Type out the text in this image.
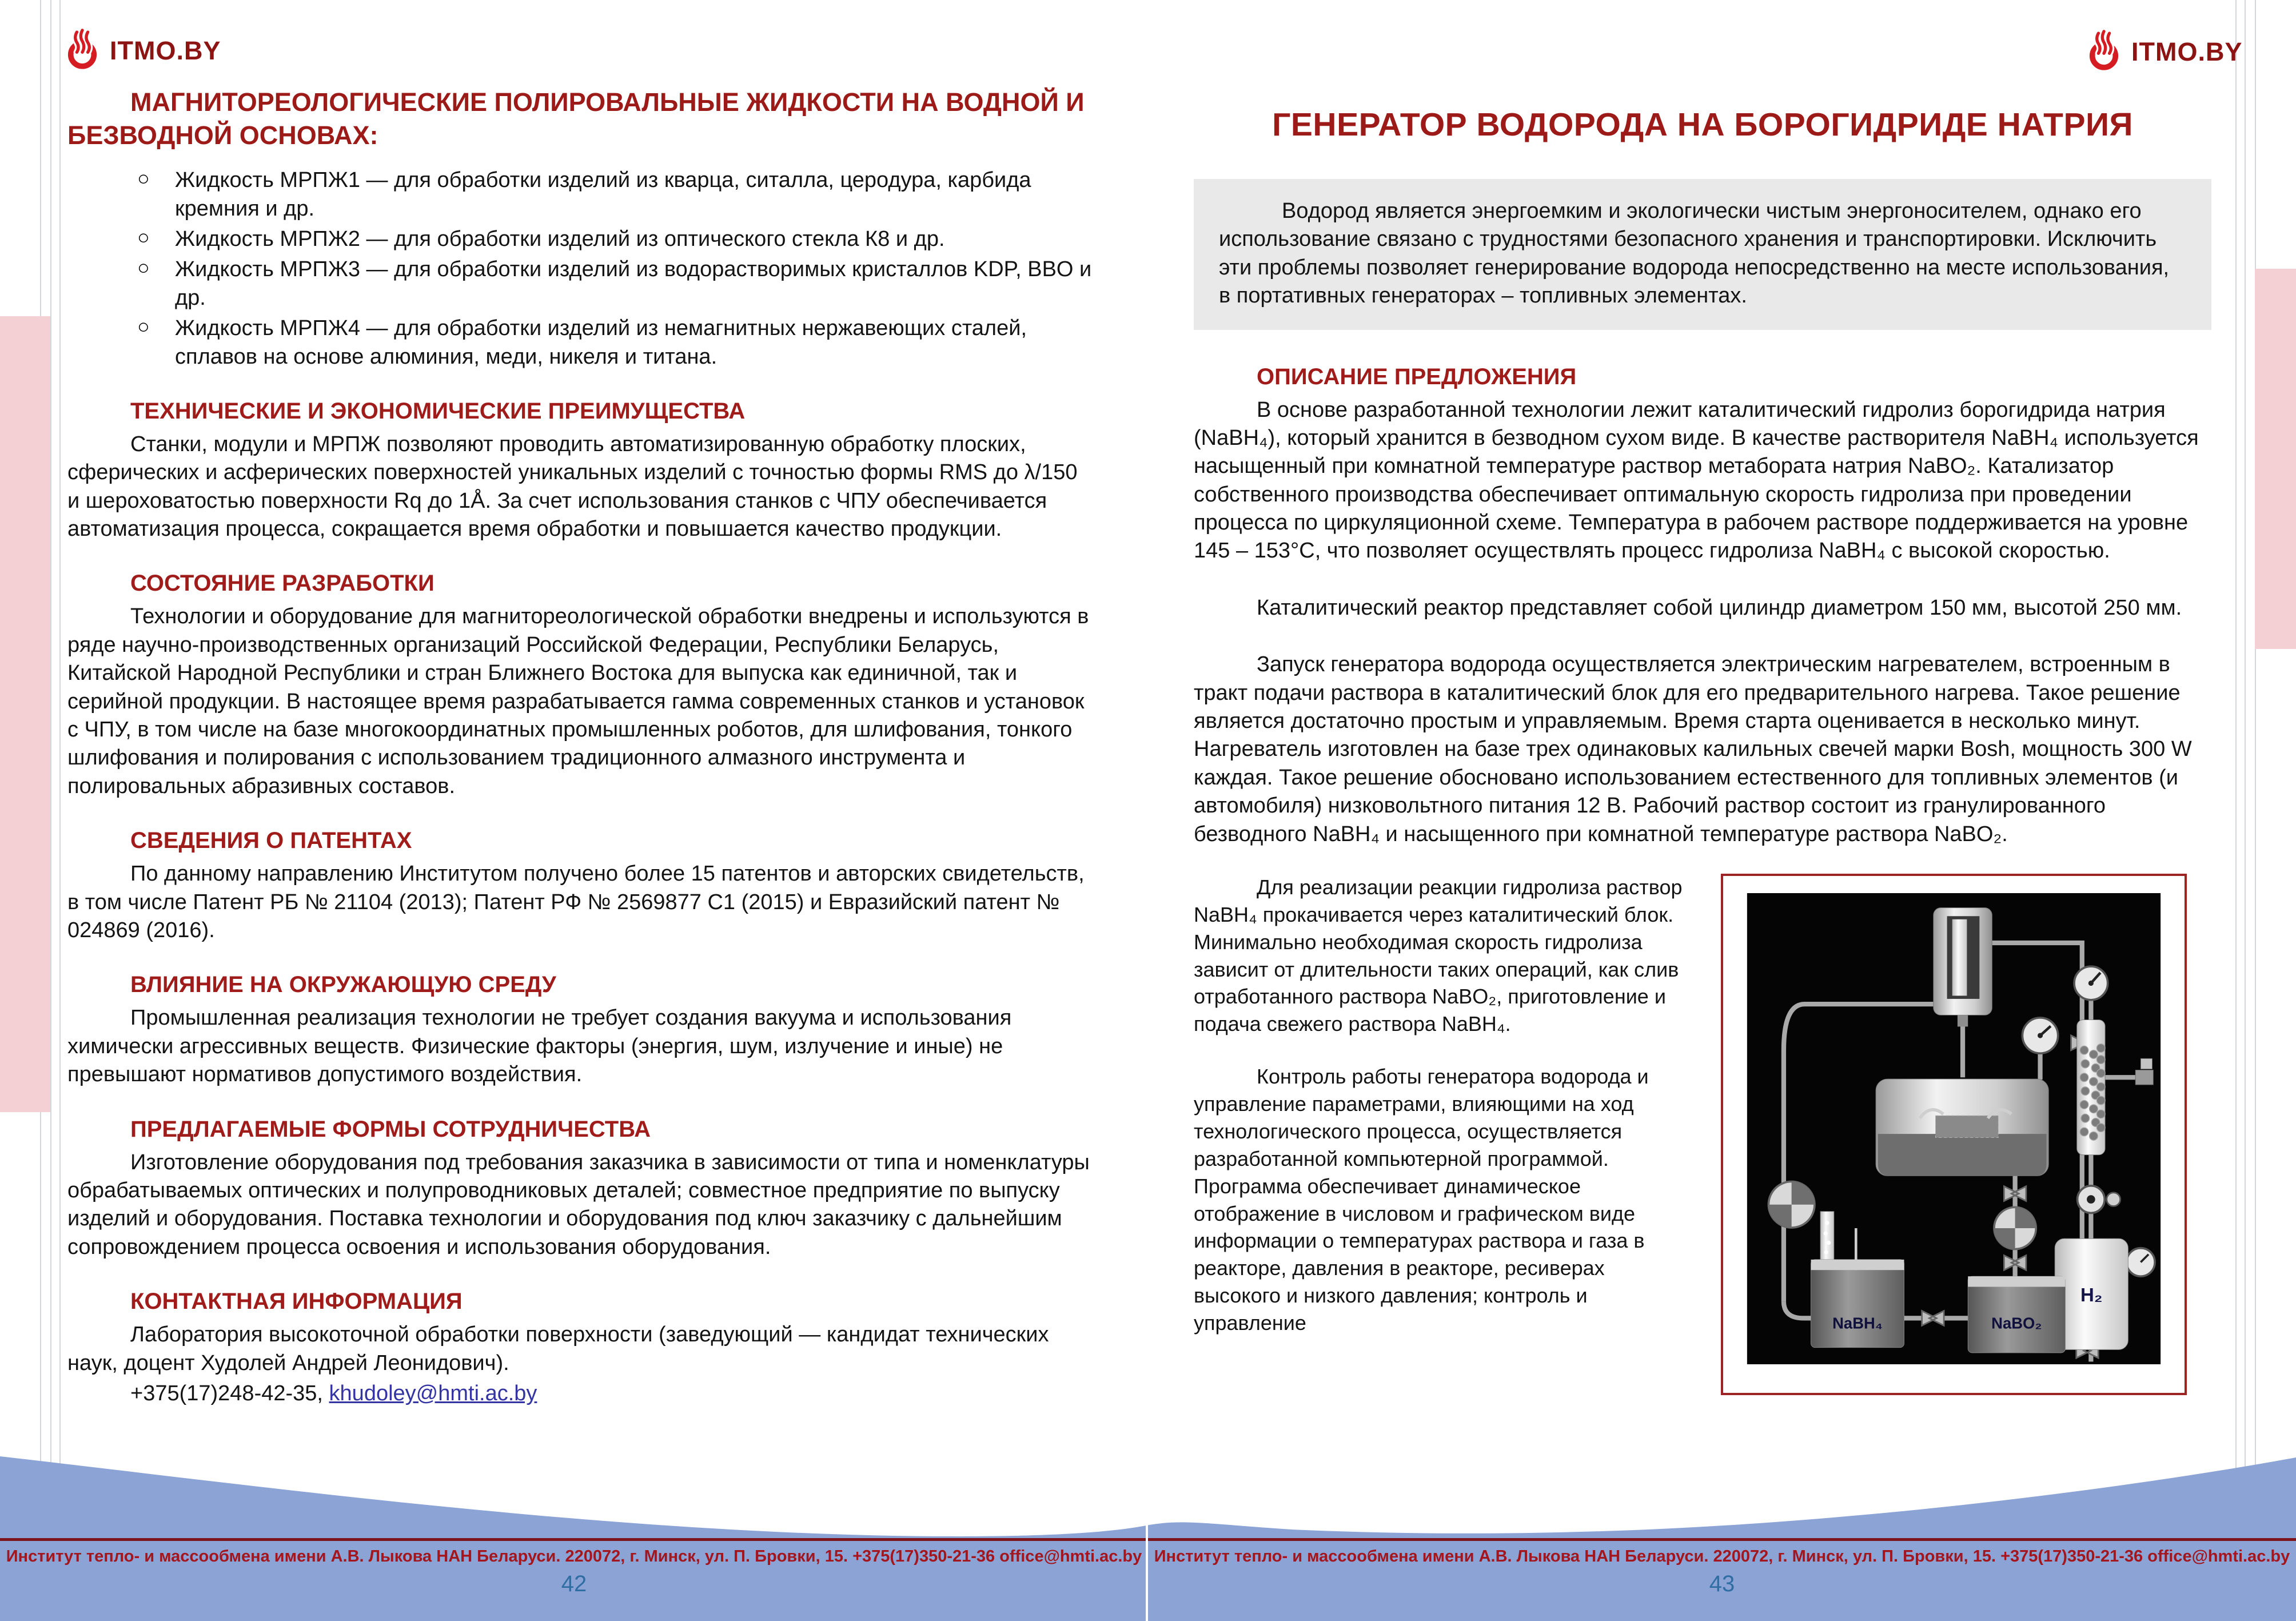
ITMO.BY	ITMO.BY
МАГНИТОРЕОЛОГИЧЕСКИЕ ПОЛИРОВАЛЬНЫЕ ЖИДКОСТИ НА ВОДНОЙ И БЕЗВОДНОЙ ОСНОВАХ:
○ Жидкость МРПЖ1 — для обработки изделий из кварца, ситалла, церодура, карбида кремния и др.
○ Жидкость МРПЖ2 — для обработки изделий из оптического стекла К8 и др.
○ Жидкость МРПЖ3 — для обработки изделий из водорастворимых кристаллов KDP, BBO и др.
○ Жидкость МРПЖ4 — для обработки изделий из немагнитных нержавеющих сталей, сплавов на основе алюминия, меди, никеля и титана.
ТЕХНИЧЕСКИЕ И ЭКОНОМИЧЕСКИЕ ПРЕИМУЩЕСТВА

Станки, модули и МРПЖ позволяют проводить автоматизированную обработку плоских, сферических и асферических поверхностей уникальных изделий с точностью формы RMS до λ/150 и шероховатостью поверхности Rq до 1Å. За счет использования станков с ЧПУ обеспечивается автоматизация процесса, сокращается время обработки и повышается качество продукции.

СОСТОЯНИЕ РАЗРАБОТКИ

Технологии и оборудование для магнитореологической обработки внедрены и используются в ряде научно-производственных организаций Российской Федерации, Республики Беларусь, Китайской Народной Республики и стран Ближнего Востока для выпуска как единичной, так и серийной продукции. В настоящее время разрабатывается гамма современных станков и установок с ЧПУ, в том числе на базе многокоординатных промышленных роботов, для шлифования, тонкого шлифования и полирования с использованием традиционного алмазного инструмента и полировальных абразивных составов.

СВЕДЕНИЯ О ПАТЕНТАХ

По данному направлению Институтом получено более 15 патентов и авторских свидетельств, в том числе Патент РБ № 21104 (2013); Патент РФ № 2569877 С1 (2015) и Евразийский патент № 024869 (2016).

ВЛИЯНИЕ НА ОКРУЖАЮЩУЮ СРЕДУ

Промышленная реализация технологии не требует создания вакуума и использования химически агрессивных веществ. Физические факторы (энергия, шум, излучение и иные) не превышают нормативов допустимого воздействия.

ПРЕДЛАГАЕМЫЕ ФОРМЫ СОТРУДНИЧЕСТВА

Изготовление оборудования под требования заказчика в зависимости от типа и номенклатуры обрабатываемых оптических и полупроводниковых деталей; совместное предприятие по выпуску изделий и оборудования. Поставка технологии и оборудования под ключ заказчику с дальнейшим сопровождением процесса освоения и использования оборудования.

КОНТАКТНАЯ ИНФОРМАЦИЯ

Лаборатория высокоточной обработки поверхности (заведующий — кандидат технических наук, доцент Худолей Андрей Леонидович).

+375(17)248-42-35, khudoley@hmti.ac.by

ГЕНЕРАТОР ВОДОРОДА НА БОРОГИДРИДЕ НАТРИЯ

Водород является энергоемким и экологически чистым энергоносителем, однако его использование связано с трудностями безопасного хранения и транспортировки. Исключить эти проблемы позволяет генерирование водорода непосредственно на месте использования, в портативных генераторах – топливных элементах.

ОПИСАНИЕ ПРЕДЛОЖЕНИЯ

В основе разработанной технологии лежит каталитический гидролиз борогидрида натрия (NaBH₄), который хранится в безводном сухом виде. В качестве растворителя NaBH₄ используется насыщенный при комнатной температуре раствор метабората натрия NaBO₂. Катализатор собственного производства обеспечивает оптимальную скорость гидролиза при проведении процесса по циркуляционной схеме. Температура в рабочем растворе поддерживается на уровне 145 – 153°С, что позволяет осуществлять процесс гидролиза NaBH₄ с высокой скоростью.

Каталитический реактор представляет собой цилиндр диаметром 150 мм, высотой 250 мм.

Запуск генератора водорода осуществляется электрическим нагревателем, встроенным в тракт подачи раствора в каталитический блок для его предварительного нагрева. Такое решение является достаточно простым и управляемым. Время старта оценивается в несколько минут. Нагреватель изготовлен на базе трех одинаковых калильных свечей марки Bosh, мощность 300 W каждая. Такое решение обосновано использованием естественного для топливных элементов (и автомобиля) низковольтного питания 12 В. Рабочий раствор состоит из гранулированного безводного NaBH₄ и насыщенного при комнатной температуре раствора NaBO₂.

Для реализации реакции гидролиза раствор NaBH₄ прокачивается через каталитический блок. Минимально необходимая скорость гидролиза зависит от длительности таких операций, как слив отработанного раствора NaBO₂, приготовление и подача свежего раствора NaBH₄.

Контроль работы генератора водорода и управление параметрами, влияющими на ход технологического процесса, осуществляется разработанной компьютерной программой. Программа обеспечивает динамическое отображение в числовом и графическом виде информации о температурах раствора и газа в реакторе, давления в реакторе, ресиверах высокого и низкого давления; контроль и управление

H₂
NaBH₄	NaBO₂
Институт тепло- и массообмена имени А.В. Лыкова НАН Беларуси. 220072, г. Минск, ул. П. Бровки, 15. +375(17)350-21-36 office@hmti.ac.by Институт тепло- и массообмена имени А.В. Лыкова НАН Беларуси. 220072, г. Минск, ул. П. Бровки, 15. +375(17)350-21-36 office@hmti.ac.by
42	43
